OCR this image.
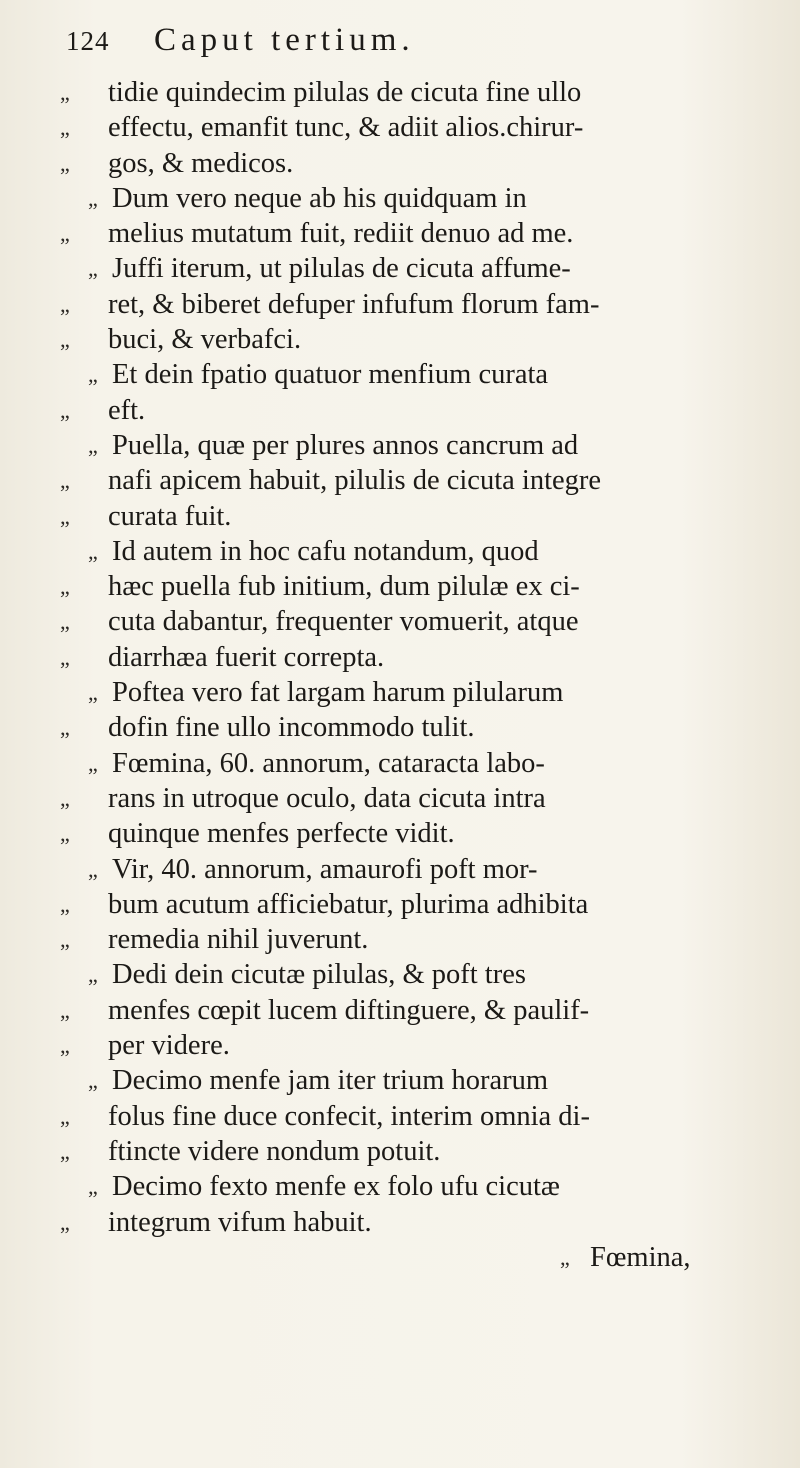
124 Caput tertium.
„	tidie quindecim pilulas de cicuta fine ullo
„	effectu, emanfit tunc, & adiit alios.chirur-
„	gos, & medicos.
„ Dum vero neque ab his quidquam in
„	melius mutatum fuit, rediit denuo ad me.
„ Juffi iterum, ut pilulas de cicuta affume-
„	ret, & biberet defuper infufum florum fam-
„	buci, & verbafci.
„ Et dein fpatio quatuor menfium curata
„	eft.
„ Puella, quæ per plures annos cancrum ad
„	nafi apicem habuit, pilulis de cicuta integre
„	curata fuit.
„ Id autem in hoc cafu notandum, quod
„	hæc puella fub initium, dum pilulæ ex ci-
„	cuta dabantur, frequenter vomuerit, atque
„	diarrhæa fuerit correpta.
„ Poftea vero fat largam harum pilularum
„	dofin fine ullo incommodo tulit.
„ Fœmina, 60. annorum, cataracta labo-
„	rans in utroque oculo, data cicuta intra
„	quinque menfes perfecte vidit.
„ Vir, 40. annorum, amaurofi poft mor-
„	bum acutum afficiebatur, plurima adhibita
„	remedia nihil juverunt.
„ Dedi dein cicutæ pilulas, & poft tres
„	menfes cœpit lucem diftinguere, & paulif-
„	per videre.
„ Decimo menfe jam iter trium horarum
„	folus fine duce confecit, interim omnia di-
„	ftincte videre nondum potuit.
„ Decimo fexto menfe ex folo ufu cicutæ
„	integrum vifum habuit.
„ Fœmina,
